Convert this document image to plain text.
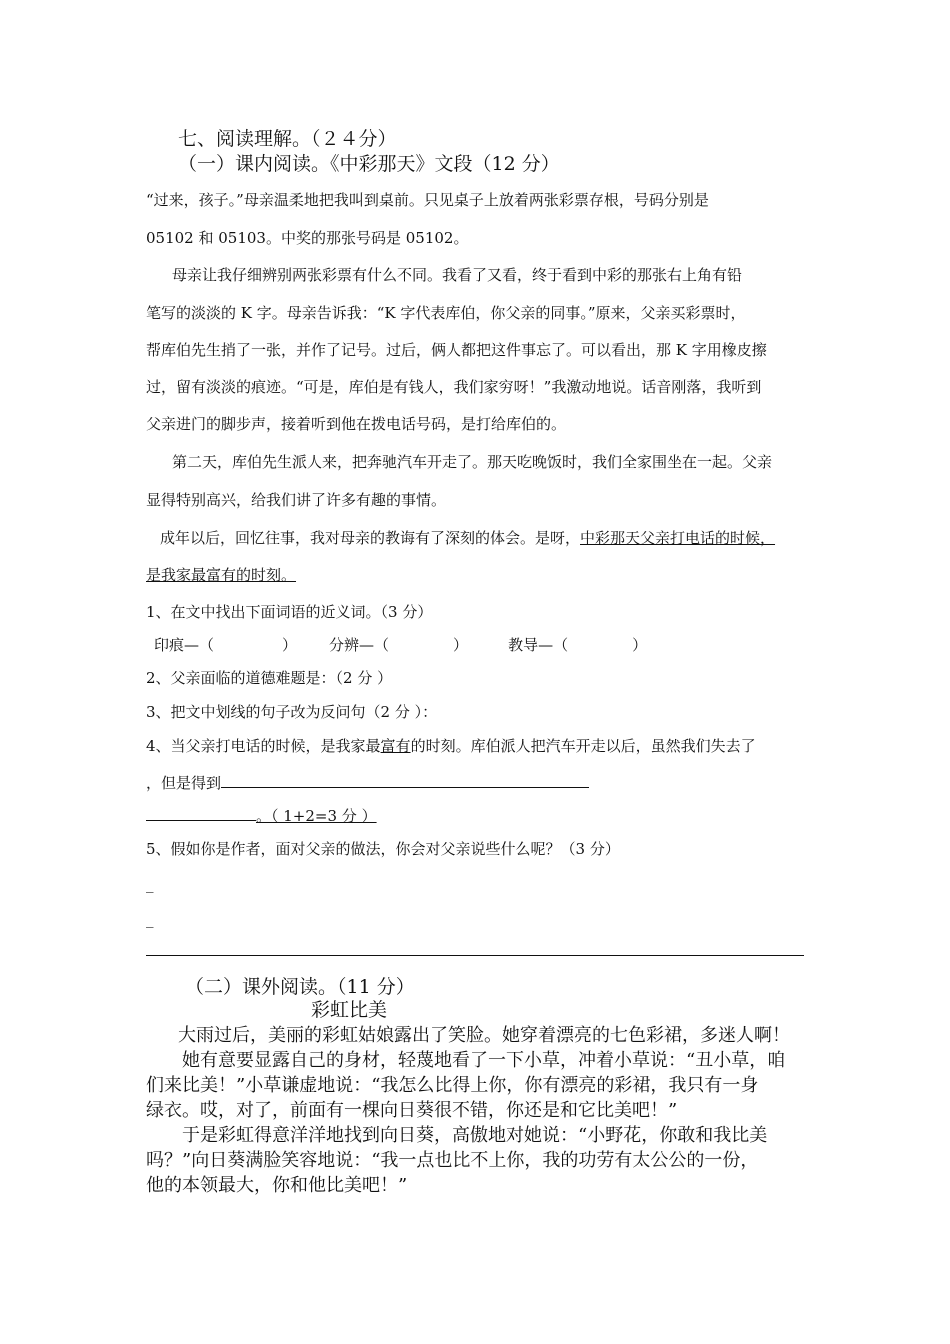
七、阅读理解。（２４分）
（一）课内阅读。《中彩那天》文段（12 分）
“过来，孩子。”母亲温柔地把我叫到桌前。只见桌子上放着两张彩票存根，号码分别是
05102 和 05103。中奖的那张号码是 05102。
母亲让我仔细辨别两张彩票有什么不同。我看了又看，终于看到中彩的那张右上角有铅
笔写的淡淡的 K 字。母亲告诉我：“K 字代表库伯，你父亲的同事。”原来，父亲买彩票时，
帮库伯先生捎了一张，并作了记号。过后，俩人都把这件事忘了。可以看出，那 K 字用橡皮擦
过，留有淡淡的痕迹。“可是，库伯是有钱人，我们家穷呀！”我激动地说。话音刚落，我听到
父亲进门的脚步声，接着听到他在拨电话号码，是打给库伯的。
第二天，库伯先生派人来，把奔驰汽车开走了。那天吃晚饭时，我们全家围坐在一起。父亲
显得特别高兴，给我们讲了许多有趣的事情。
成年以后，回忆往事，我对母亲的教诲有了深刻的体会。是呀，中彩那天父亲打电话的时候，
是我家最富有的时刻。
1、在文中找出下面词语的近义词。（3 分）
印痕—（	） 分辨—（	）	教导—（	）
2、父亲面临的道德难题是：（2 分 ）
3、把文中划线的句子改为反问句（2 分 ）：
4、当父亲打电话的时候，是我家最富有的时刻。库伯派人把汽车开走以后，虽然我们失去了
，但是得到
。（ 1+2=3 分 ）
5、假如你是作者，面对父亲的做法，你会对父亲说些什么呢？（3 分）
_
_
（二）课外阅读。（11 分）
彩虹比美
大雨过后，美丽的彩虹姑娘露出了笑脸。她穿着漂亮的七色彩裙，多迷人啊！
她有意要显露自己的身材，轻蔑地看了一下小草，冲着小草说：“丑小草，咱
们来比美！”小草谦虚地说：“我怎么比得上你，你有漂亮的彩裙，我只有一身
绿衣。哎，对了，前面有一棵向日葵很不错，你还是和它比美吧！”
于是彩虹得意洋洋地找到向日葵，高傲地对她说：“小野花，你敢和我比美
吗？”向日葵满脸笑容地说：“我一点也比不上你，我的功劳有太公公的一份，
他的本领最大，你和他比美吧！”
